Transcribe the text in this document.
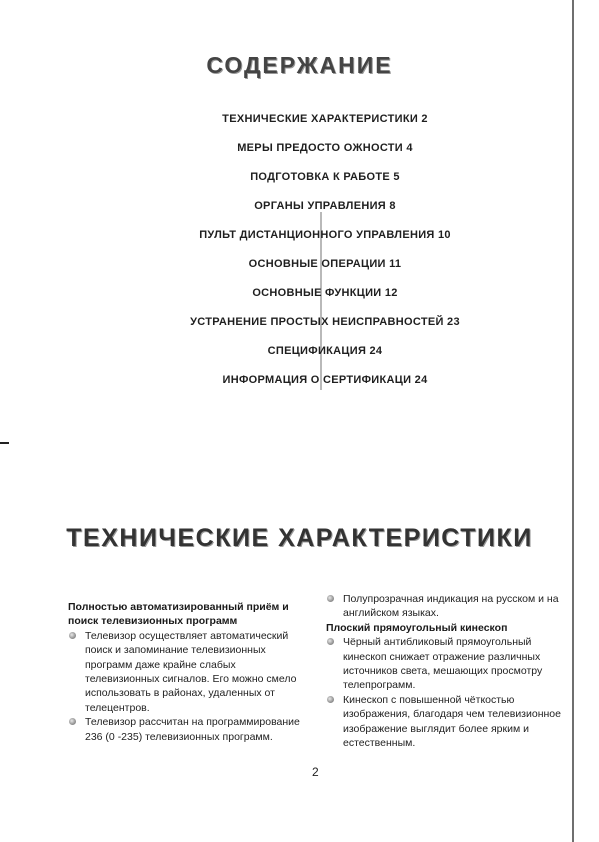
СОДЕРЖАНИЕ
ТЕХНИЧЕСКИЕ ХАРАКТЕРИСТИКИ 2
МЕРЫ ПРЕДОСТО ОЖНОСТИ 4
ПОДГОТОВКА К РАБОТЕ 5
ОРГАНЫ УПРАВЛЕНИЯ 8
ПУЛЬТ ДИСТАНЦИОННОГО УПРАВЛЕНИЯ 10
ОСНОВНЫЕ ОПЕРАЦИИ 11
ОСНОВНЫЕ ФУНКЦИИ 12
УСТРАНЕНИЕ ПРОСТЫХ НЕИСПРАВНОСТЕЙ 23
СПЕЦИФИКАЦИЯ 24
ИНФОРМАЦИЯ О СЕРТИФИКАЦИ 24
ТЕХНИЧЕСКИЕ ХАРАКТЕРИСТИКИ
Полностью автоматизированный приём и поиск телевизионных программ
Телевизор осуществляет автоматический поиск и запоминание телевизионных программ даже крайне слабых телевизионных сигналов. Его можно смело использовать в районах, удаленных от телецентров.
Телевизор рассчитан на программирование 236 (0 -235) телевизионных программ.
Полупрозрачная индикация на русском и на английском языках.
Плоский прямоугольный кинескоп
Чёрный антибликовый прямоугольный кинескоп снижает отражение различных источников света, мешающих просмотру телепрограмм.
Кинескоп с повышенной чёткостью изображения, благодаря чем телевизионное изображение выглядит более ярким и естественным.
2
